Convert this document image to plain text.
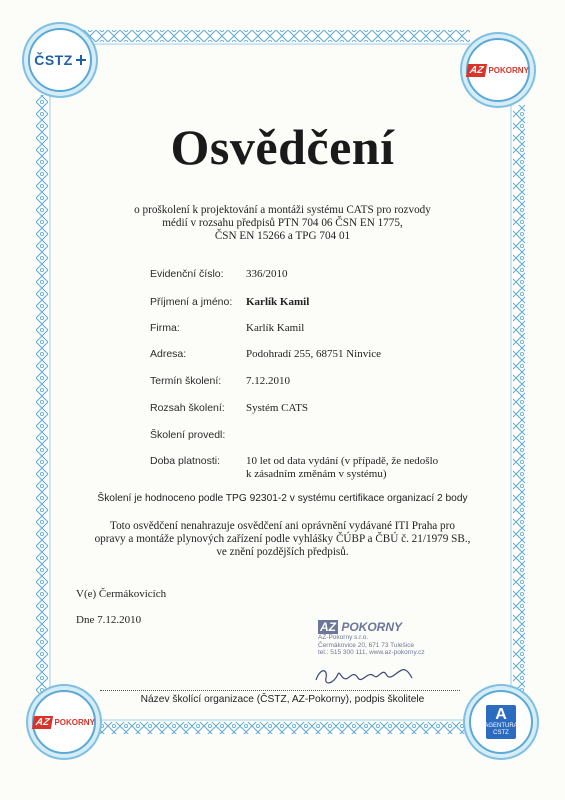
ČSTZ
AZ POKORNY
AZ POKORNY	A
AGENTURA
CSTZ
Osvědčení
o proškolení k projektování a montáži systému CATS pro rozvody
médií v rozsahu předpisů PTN 704 06 ČSN EN 1775,
ČSN EN 15266 a TPG 704 01
Evidenční číslo: 336/2010
Příjmení a jméno: Karlík Kamil
Firma:	Karlík Kamil
Adresa:	Podohradí 255, 68751 Ninvice
Termín školení: 7.12.2010
Rozsah školení: Systém CATS
Školení provedl:
Doba platnosti: 10 let od data vydání (v případě, že nedošlo
k zásadním změnám v systému)
Školení je hodnoceno podle TPG 92301-2 v systému certifikace organizací 2 body
Toto osvědčení nenahrazuje osvědčení ani oprávnění vydávané ITI Praha pro
opravy a montáže plynových zařízení podle vyhlášky ČÚBP a ČBÚ č. 21/1979 SB.,
ve znění pozdějších předpisů.
V(e) Čermákovicích
Dne 7.12.2010	AZ POKORNY
AZ-Pokorny s.r.o.
Čermákovice 20, 671 73 Tulešice
tel.: 515 300 111, www.az-pokorny.cz
Název školící organizace (ČSTZ, AZ-Pokorny), podpis školitele
